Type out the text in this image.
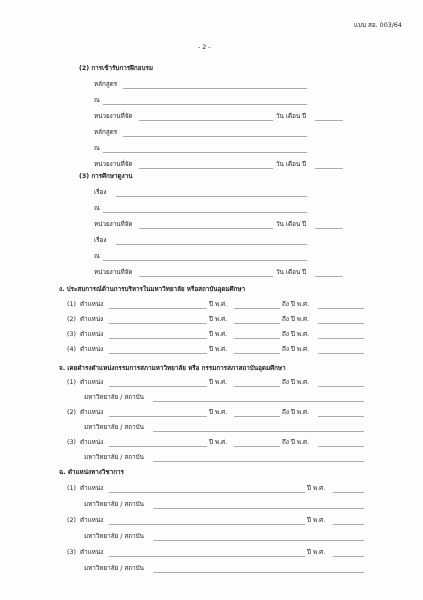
แบบ สอ. 003/64
- 2 -
(2) การเข้ารับการฝึกอบรม
หลักสูตร
ณ
หน่วยงานที่จัด	วัน เดือน ปี
หลักสูตร
ณ
หน่วยงานที่จัด	วัน เดือน ปี
(3) การศึกษาดูงาน
เรื่อง
ณ
หน่วยงานที่จัด	วัน เดือน ปี
เรื่อง
ณ
หน่วยงานที่จัด	วัน เดือน ปี
ง. ประสบการณ์ด้านการบริหารในมหาวิทยาลัย หรือสถาบันอุดมศึกษา
(1) ตำแหน่ง	ปี พ.ศ.	ถึง ปี พ.ศ.
(2) ตำแหน่ง	ปี พ.ศ.	ถึง ปี พ.ศ.
(3) ตำแหน่ง	ปี พ.ศ.	ถึง ปี พ.ศ.
(4) ตำแหน่ง	ปี พ.ศ.	ถึง ปี พ.ศ.
จ. เคยดำรงตำแหน่งกรรมการสภามหาวิทยาลัย หรือ กรรมการสภาสถาบันอุดมศึกษา
(1) ตำแหน่ง	ปี พ.ศ.	ถึง ปี พ.ศ.
มหาวิทยาลัย / สถาบัน
(2) ตำแหน่ง	ปี พ.ศ.	ถึง ปี พ.ศ.
มหาวิทยาลัย / สถาบัน
(3) ตำแหน่ง	ปี พ.ศ.	ถึง ปี พ.ศ.
มหาวิทยาลัย / สถาบัน
ฉ. ตำแหน่งทางวิชาการ
(1) ตำแหน่ง	ปี พ.ศ.
มหาวิทยาลัย / สถาบัน
(2) ตำแหน่ง	ปี พ.ศ.
มหาวิทยาลัย / สถาบัน
(3) ตำแหน่ง	ปี พ.ศ.
มหาวิทยาลัย / สถาบัน
